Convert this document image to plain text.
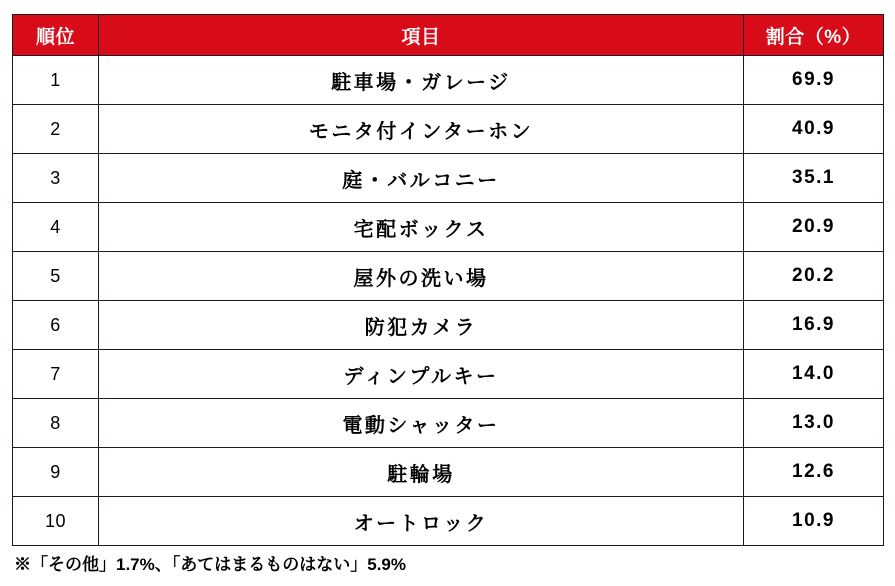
順位	項目	割合（%）
1	駐車場・ガレージ	69.9
2	モニタ付インターホン	40.9
3	庭・バルコニー	35.1
4	宅配ボックス	20.9
5	屋外の洗い場	20.2
6	防犯カメラ	16.9
7	ディンプルキー	14.0
8	電動シャッター	13.0
9	駐輪場	12.6
10	オートロック	10.9
※「その他」1.7%、「あてはまるものはない」5.9%
